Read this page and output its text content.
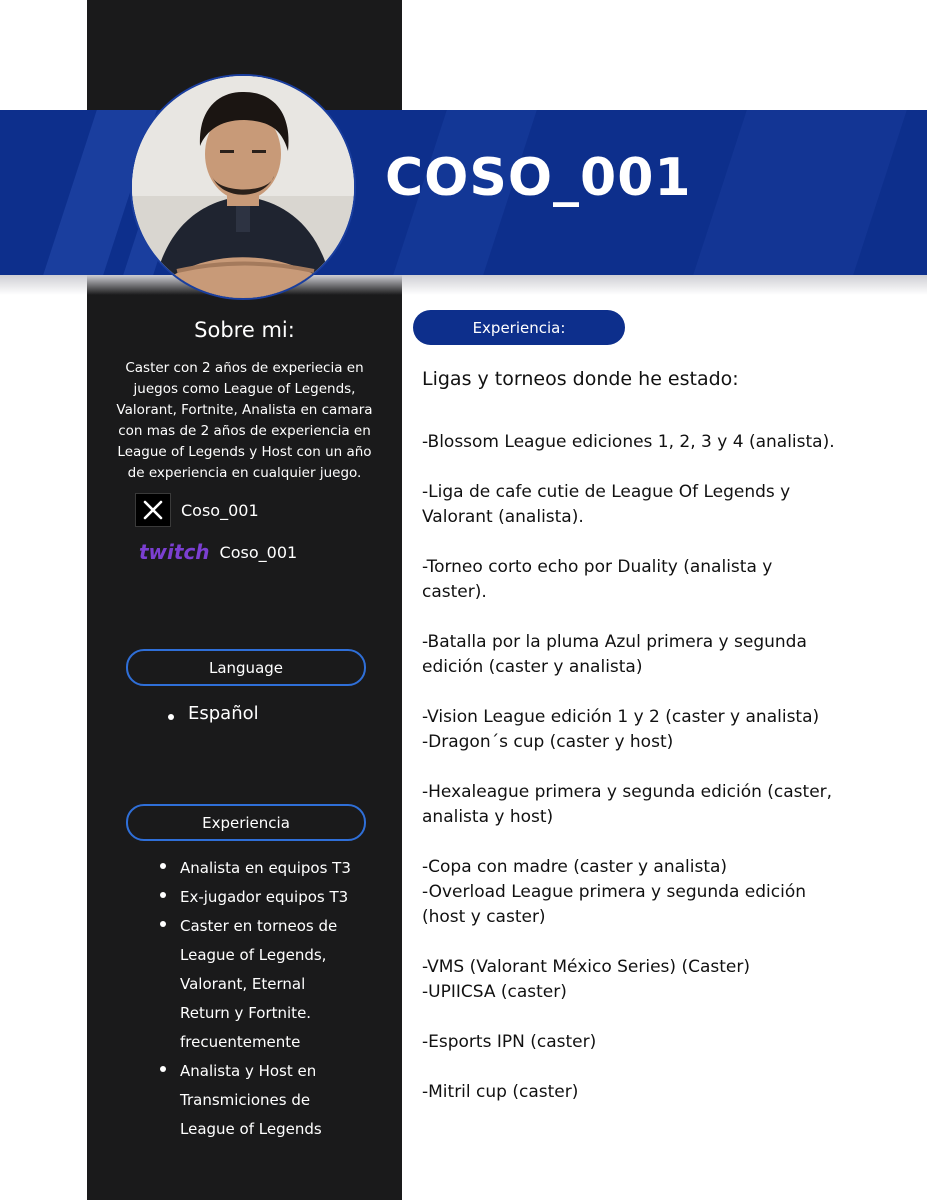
COSO_001
Sobre mi:

Caster con 2 años de experiecia en juegos como League of Legends, Valorant, Fortnite, Analista en camara con mas de 2 años de experiencia en League of Legends y Host con un año de experiencia en cualquier juego.

Coso_001
twitch Coso_001
Language
Español
Experiencia
Analista en equipos T3
Ex-jugador equipos T3
Caster en torneos de League of Legends, Valorant, Eternal Return y Fortnite. frecuentemente
Analista y Host en Transmiciones de League of Legends
Experiencia:
Ligas y torneos donde he estado:

-Blossom League ediciones 1, 2, 3 y 4 (analista).

-Liga de cafe cutie de League Of Legends y Valorant (analista).

-Torneo corto echo por Duality (analista y caster).

-Batalla por la pluma Azul primera y segunda edición (caster y analista)

-Vision League edición 1 y 2 (caster y analista)

-Dragon´s cup (caster y host)

-Hexaleague primera y segunda edición (caster, analista y host)

-Copa con madre (caster y analista)

-Overload League primera y segunda edición (host y caster)

-VMS (Valorant México Series) (Caster)

-UPIICSA (caster)

-Esports IPN (caster)

-Mitril cup (caster)
